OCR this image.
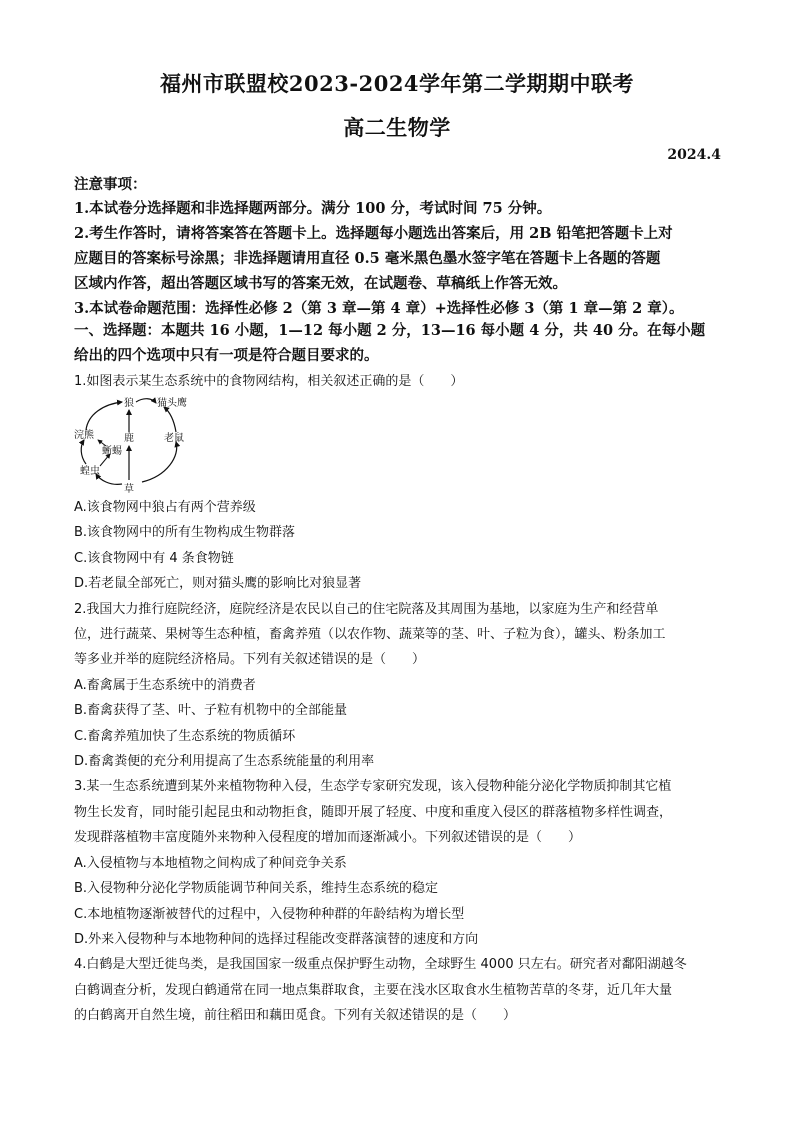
福州市联盟校2023-2024学年第二学期期中联考
高二生物学
2024.4

注意事项：

1.本试卷分选择题和非选择题两部分。满分 100 分，考试时间 75 分钟。

2.考生作答时，请将答案答在答题卡上。选择题每小题选出答案后，用 2B 铅笔把答题卡上对

应题目的答案标号涂黑；非选择题请用直径 0.5 毫米黑色墨水签字笔在答题卡上各题的答题

区域内作答，超出答题区域书写的答案无效，在试题卷、草稿纸上作答无效。

3.本试卷命题范围：选择性必修 2（第 3 章—第 4 章）+选择性必修 3（第 1 章—第 2 章）。

一、选择题：本题共 16 小题，1—12 每小题 2 分，13—16 每小题 4 分，共 40 分。在每小题

给出的四个选项中只有一项是符合题目要求的。

1.如图表示某生态系统中的食物网结构，相关叙述正确的是（　　）

狼 猫头鹰
浣熊	鹿	老鼠
蜥蜴
蝗虫
草

A.该食物网中狼占有两个营养级

B.该食物网中的所有生物构成生物群落

C.该食物网中有 4 条食物链

D.若老鼠全部死亡，则对猫头鹰的影响比对狼显著

2.我国大力推行庭院经济，庭院经济是农民以自己的住宅院落及其周围为基地，以家庭为生产和经营单

位，进行蔬菜、果树等生态种植，畜禽养殖（以农作物、蔬菜等的茎、叶、子粒为食），罐头、粉条加工

等多业并举的庭院经济格局。下列有关叙述错误的是（　　）

A.畜禽属于生态系统中的消费者

B.畜禽获得了茎、叶、子粒有机物中的全部能量

C.畜禽养殖加快了生态系统的物质循环

D.畜禽粪便的充分利用提高了生态系统能量的利用率

3.某一生态系统遭到某外来植物物种入侵，生态学专家研究发现，该入侵物种能分泌化学物质抑制其它植

物生长发育，同时能引起昆虫和动物拒食，随即开展了轻度、中度和重度入侵区的群落植物多样性调查，

发现群落植物丰富度随外来物种入侵程度的增加而逐渐减小。下列叙述错误的是（　　）

A.入侵植物与本地植物之间构成了种间竞争关系

B.入侵物种分泌化学物质能调节种间关系，维持生态系统的稳定

C.本地植物逐渐被替代的过程中，入侵物种种群的年龄结构为增长型

D.外来入侵物种与本地物种间的选择过程能改变群落演替的速度和方向

4.白鹤是大型迁徙鸟类，是我国国家一级重点保护野生动物，全球野生 4000 只左右。研究者对鄱阳湖越冬

白鹤调查分析，发现白鹤通常在同一地点集群取食，主要在浅水区取食水生植物苦草的冬芽，近几年大量

的白鹤离开自然生境，前往稻田和藕田觅食。下列有关叙述错误的是（　　）
